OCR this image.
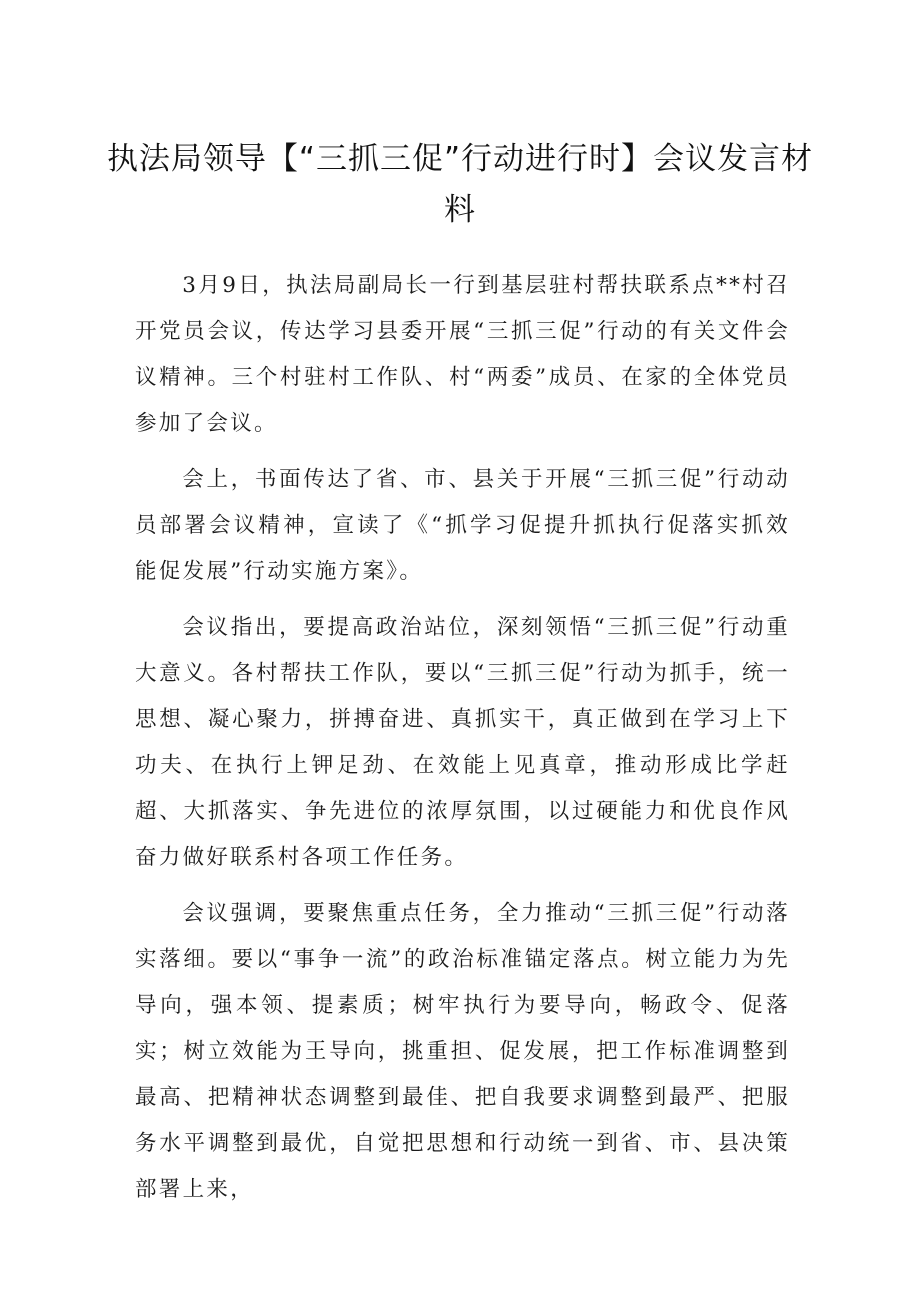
执法局领导【“三抓三促”行动进行时】会议发言材料

3月9日，执法局副局长一行到基层驻村帮扶联系点**村召开党员会议，传达学习县委开展“三抓三促”行动的有关文件会议精神。三个村驻村工作队、村“两委”成员、在家的全体党员参加了会议。

会上，书面传达了省、市、县关于开展“三抓三促”行动动员部署会议精神，宣读了《“抓学习促提升抓执行促落实抓效能促发展”行动实施方案》。

会议指出，要提高政治站位，深刻领悟“三抓三促”行动重大意义。各村帮扶工作队，要以“三抓三促”行动为抓手，统一思想、凝心聚力，拼搏奋进、真抓实干，真正做到在学习上下功夫、在执行上钾足劲、在效能上见真章，推动形成比学赶超、大抓落实、争先进位的浓厚氛围，以过硬能力和优良作风奋力做好联系村各项工作任务。

会议强调，要聚焦重点任务，全力推动“三抓三促”行动落实落细。要以“事争一流”的政治标准锚定落点。树立能力为先导向，强本领、提素质；树牢执行为要导向，畅政令、促落实；树立效能为王导向，挑重担、促发展，把工作标准调整到最高、把精神状态调整到最佳、把自我要求调整到最严、把服务水平调整到最优，自觉把思想和行动统一到省、市、县决策部署上来，
